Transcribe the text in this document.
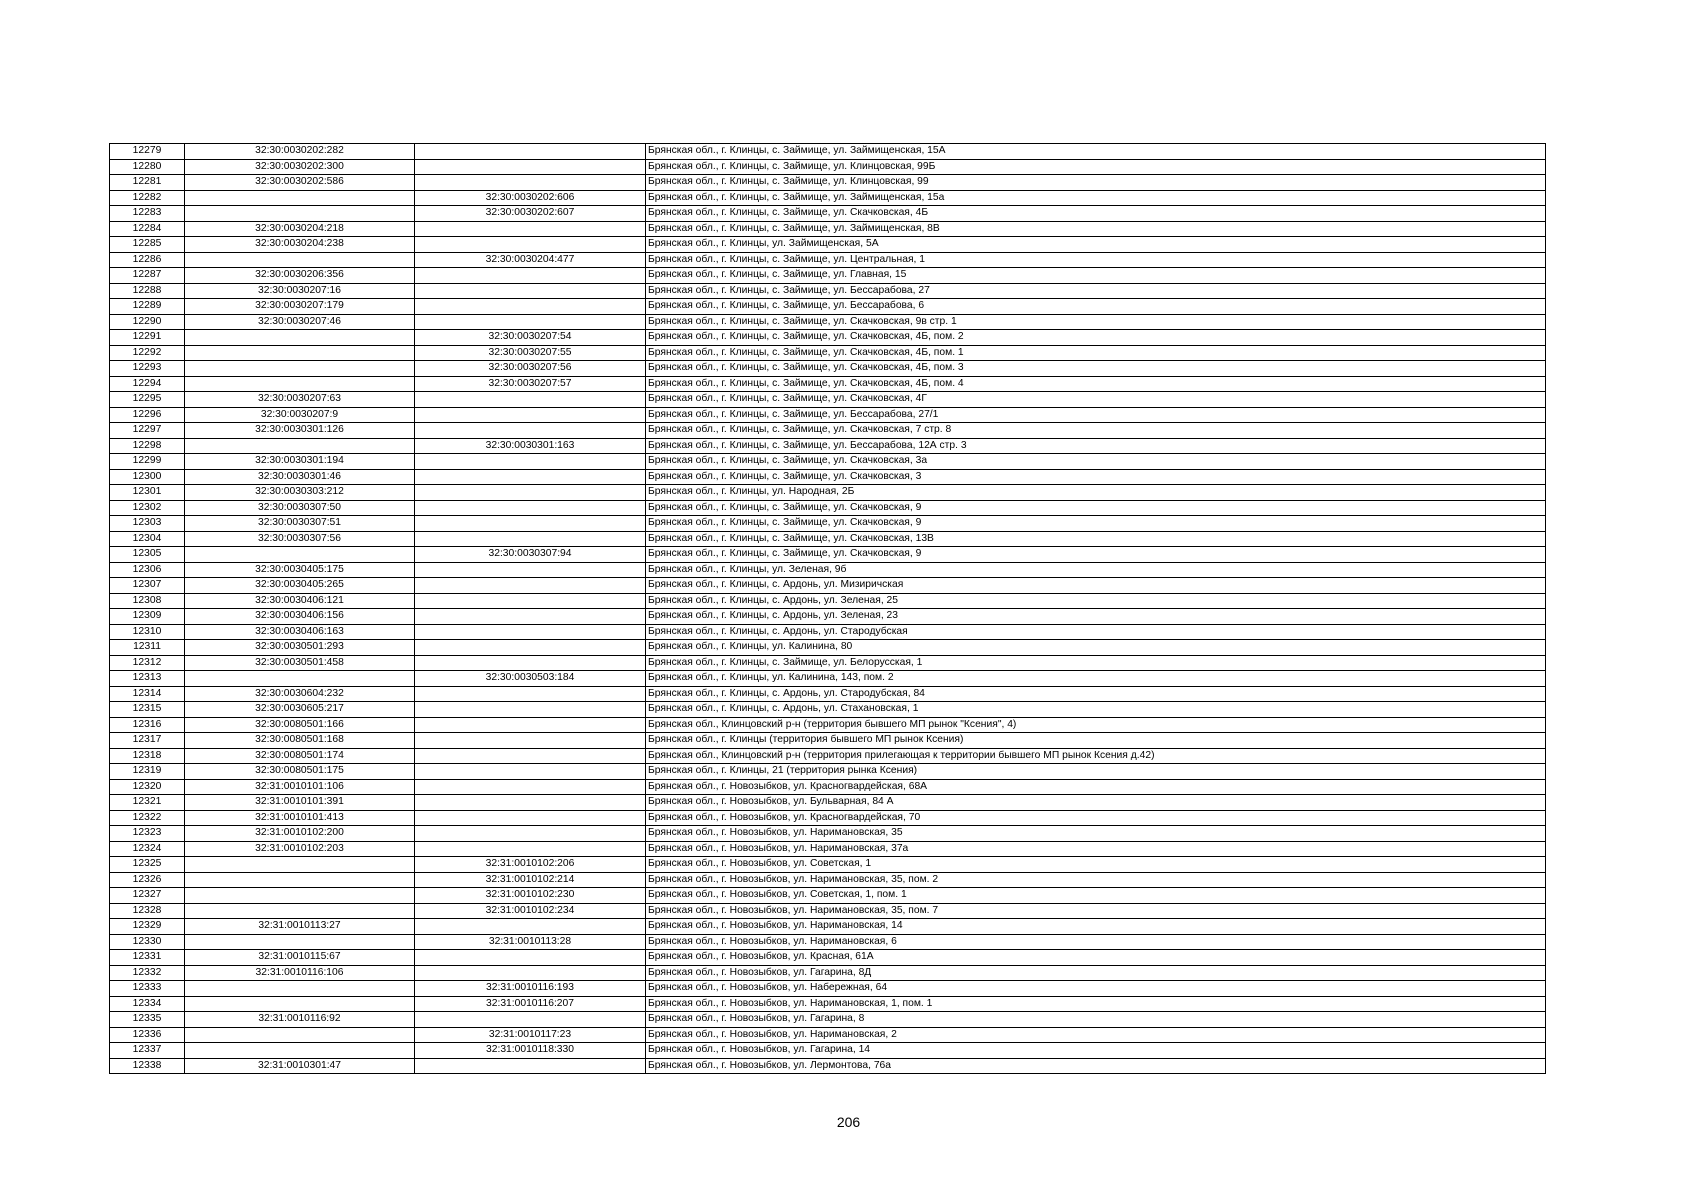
12279	32:30:0030202:282		Брянская обл., г. Клинцы, с. Займище, ул. Займищенская, 15А
12280	32:30:0030202:300		Брянская обл., г. Клинцы, с. Займище, ул. Клинцовская, 99Б
12281	32:30:0030202:586		Брянская обл., г. Клинцы, с. Займище, ул. Клинцовская, 99
12282		32:30:0030202:606	Брянская обл., г. Клинцы, с. Займище, ул. Займищенская, 15а
12283		32:30:0030202:607	Брянская обл., г. Клинцы, с. Займище, ул. Скачковская, 4Б
12284	32:30:0030204:218		Брянская обл., г. Клинцы, с. Займище, ул. Займищенская, 8В
12285	32:30:0030204:238		Брянская обл., г. Клинцы, ул. Займищенская, 5А
12286		32:30:0030204:477	Брянская обл., г. Клинцы, с. Займище, ул. Центральная, 1
12287	32:30:0030206:356		Брянская обл., г. Клинцы, с. Займище, ул. Главная, 15
12288	32:30:0030207:16		Брянская обл., г. Клинцы, с. Займище, ул. Бессарабова, 27
12289	32:30:0030207:179		Брянская обл., г. Клинцы, с. Займище, ул. Бессарабова, 6
12290	32:30:0030207:46		Брянская обл., г. Клинцы, с. Займище, ул. Скачковская, 9в стр. 1
12291		32:30:0030207:54	Брянская обл., г. Клинцы, с. Займище, ул. Скачковская, 4Б, пом. 2
12292		32:30:0030207:55	Брянская обл., г. Клинцы, с. Займище, ул. Скачковская, 4Б, пом. 1
12293		32:30:0030207:56	Брянская обл., г. Клинцы, с. Займище, ул. Скачковская, 4Б, пом. 3
12294		32:30:0030207:57	Брянская обл., г. Клинцы, с. Займище, ул. Скачковская, 4Б, пом. 4
12295	32:30:0030207:63		Брянская обл., г. Клинцы, с. Займище, ул. Скачковская, 4Г
12296	32:30:0030207:9		Брянская обл., г. Клинцы, с. Займище, ул. Бессарабова, 27/1
12297	32:30:0030301:126		Брянская обл., г. Клинцы, с. Займище, ул. Скачковская, 7 стр. 8
12298		32:30:0030301:163	Брянская обл., г. Клинцы, с. Займище, ул. Бессарабова, 12А стр. 3
12299	32:30:0030301:194		Брянская обл., г. Клинцы, с. Займище, ул. Скачковская, 3а
12300	32:30:0030301:46		Брянская обл., г. Клинцы, с. Займище, ул. Скачковская, 3
12301	32:30:0030303:212		Брянская обл., г. Клинцы, ул. Народная, 2Б
12302	32:30:0030307:50		Брянская обл., г. Клинцы, с. Займище, ул. Скачковская, 9
12303	32:30:0030307:51		Брянская обл., г. Клинцы, с. Займище, ул. Скачковская, 9
12304	32:30:0030307:56		Брянская обл., г. Клинцы, с. Займище, ул. Скачковская, 13В
12305		32:30:0030307:94	Брянская обл., г. Клинцы, с. Займище, ул. Скачковская, 9
12306	32:30:0030405:175		Брянская обл., г. Клинцы, ул. Зеленая, 9б
12307	32:30:0030405:265		Брянская обл., г. Клинцы, с. Ардонь, ул. Мизиричская
12308	32:30:0030406:121		Брянская обл., г. Клинцы, с. Ардонь, ул. Зеленая, 25
12309	32:30:0030406:156		Брянская обл., г. Клинцы, с. Ардонь, ул. Зеленая, 23
12310	32:30:0030406:163		Брянская обл., г. Клинцы, с. Ардонь, ул. Стародубская
12311	32:30:0030501:293		Брянская обл., г. Клинцы, ул. Калинина, 80
12312	32:30:0030501:458		Брянская обл., г. Клинцы, с. Займище, ул. Белорусская, 1
12313		32:30:0030503:184	Брянская обл., г. Клинцы, ул. Калинина, 143, пом. 2
12314	32:30:0030604:232		Брянская обл., г. Клинцы, с. Ардонь, ул. Стародубская, 84
12315	32:30:0030605:217		Брянская обл., г. Клинцы, с. Ардонь, ул. Стахановская, 1
12316	32:30:0080501:166		Брянская обл., Клинцовский р-н (территория бывшего МП рынок "Ксения", 4)
12317	32:30:0080501:168		Брянская обл., г. Клинцы (территория бывшего МП рынок Ксения)
12318	32:30:0080501:174		Брянская обл., Клинцовский р-н (территория прилегающая к территории бывшего МП рынок Ксения д.42)
12319	32:30:0080501:175		Брянская обл., г. Клинцы, 21 (территория рынка Ксения)
12320	32:31:0010101:106		Брянская обл., г. Новозыбков, ул. Красногвардейская, 68А
12321	32:31:0010101:391		Брянская обл., г. Новозыбков, ул. Бульварная, 84 А
12322	32:31:0010101:413		Брянская обл., г. Новозыбков, ул. Красногвардейская, 70
12323	32:31:0010102:200		Брянская обл., г. Новозыбков, ул. Наримановская, 35
12324	32:31:0010102:203		Брянская обл., г. Новозыбков, ул. Наримановская, 37а
12325		32:31:0010102:206	Брянская обл., г. Новозыбков, ул. Советская, 1
12326		32:31:0010102:214	Брянская обл., г. Новозыбков, ул. Наримановская, 35, пом. 2
12327		32:31:0010102:230	Брянская обл., г. Новозыбков, ул. Советская, 1, пом. 1
12328		32:31:0010102:234	Брянская обл., г. Новозыбков, ул. Наримановская, 35, пом. 7
12329	32:31:0010113:27		Брянская обл., г. Новозыбков, ул. Наримановская, 14
12330		32:31:0010113:28	Брянская обл., г. Новозыбков, ул. Наримановская, 6
12331	32:31:0010115:67		Брянская обл., г. Новозыбков, ул. Красная, 61А
12332	32:31:0010116:106		Брянская обл., г. Новозыбков, ул. Гагарина, 8Д
12333		32:31:0010116:193	Брянская обл., г. Новозыбков, ул. Набережная, 64
12334		32:31:0010116:207	Брянская обл., г. Новозыбков, ул. Наримановская, 1, пом. 1
12335	32:31:0010116:92		Брянская обл., г. Новозыбков, ул. Гагарина, 8
12336		32:31:0010117:23	Брянская обл., г. Новозыбков, ул. Наримановская, 2
12337		32:31:0010118:330	Брянская обл., г. Новозыбков, ул. Гагарина, 14
12338	32:31:0010301:47		Брянская обл., г. Новозыбков, ул. Лермонтова, 76а
206
